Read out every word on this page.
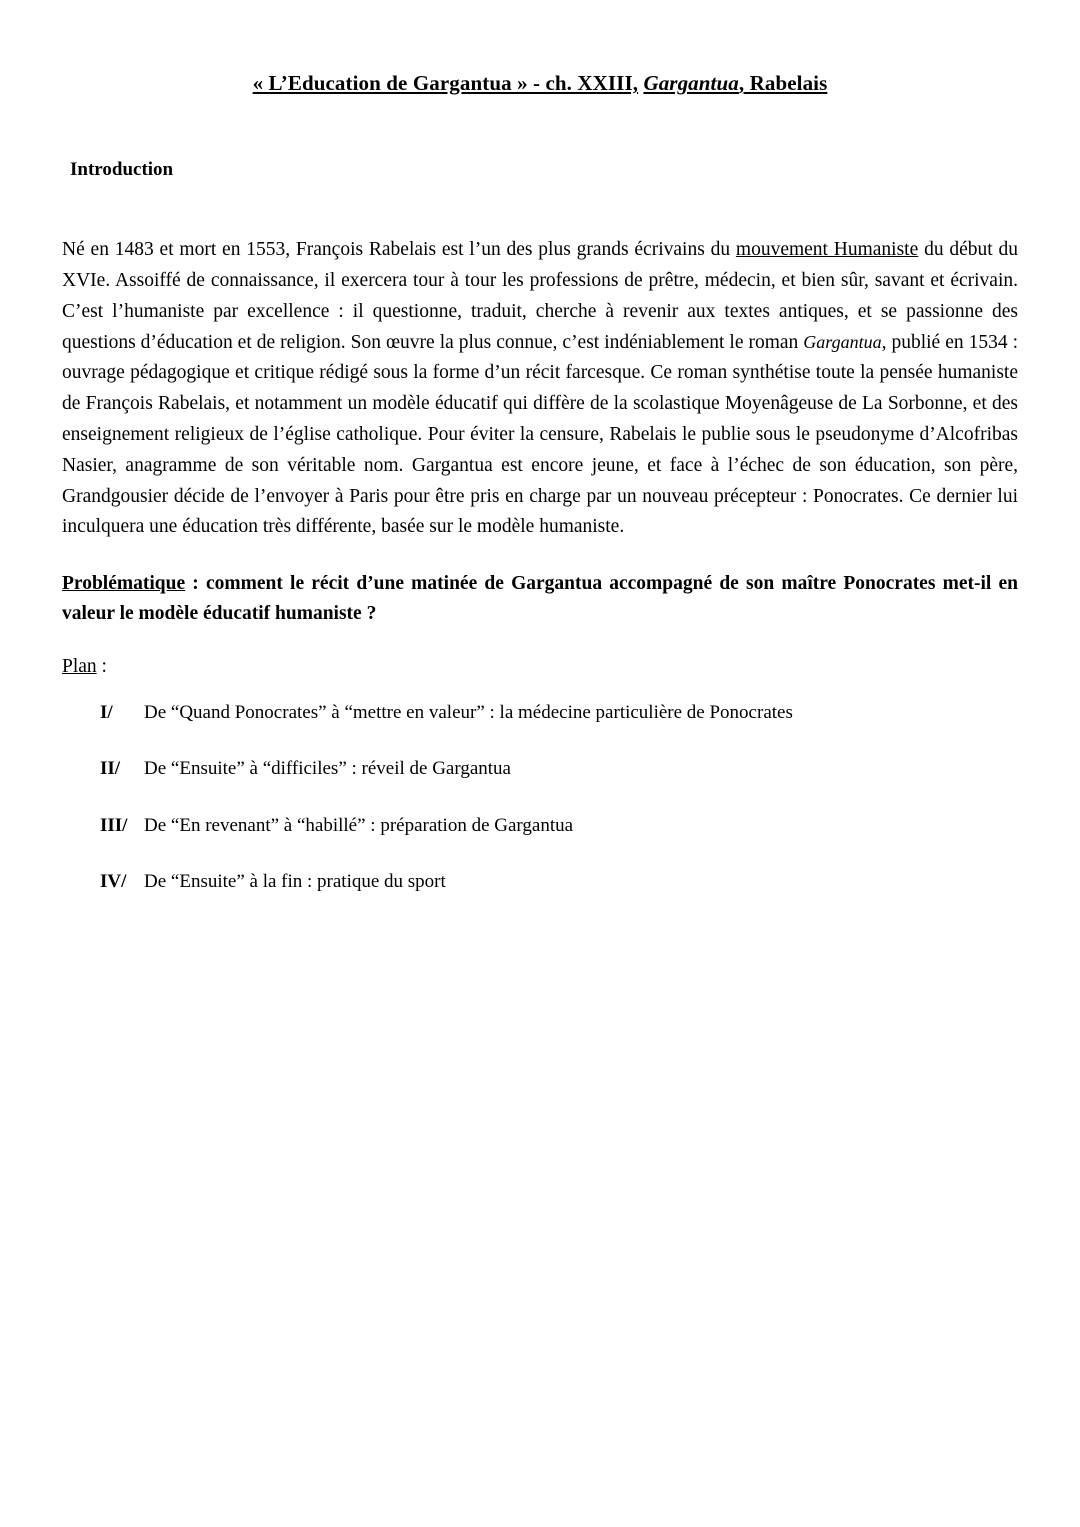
« L’Education de Gargantua » - ch. XXIII, Gargantua, Rabelais
Introduction

Né en 1483 et mort en 1553, François Rabelais est l’un des plus grands écrivains du mouvement Humaniste du début du XVIe. Assoiffé de connaissance, il exercera tour à tour les professions de prêtre, médecin, et bien sûr, savant et écrivain. C’est l’humaniste par excellence : il questionne, traduit, cherche à revenir aux textes antiques, et se passionne des questions d’éducation et de religion. Son œuvre la plus connue, c’est indéniablement le roman Gargantua, publié en 1534 : ouvrage pédagogique et critique rédigé sous la forme d’un récit farcesque. Ce roman synthétise toute la pensée humaniste de François Rabelais, et notamment un modèle éducatif qui diffère de la scolastique Moyenâgeuse de La Sorbonne, et des enseignement religieux de l’église catholique. Pour éviter la censure, Rabelais le publie sous le pseudonyme d’Alcofribas Nasier, anagramme de son véritable nom. Gargantua est encore jeune, et face à l’échec de son éducation, son père, Grandgousier décide de l’envoyer à Paris pour être pris en charge par un nouveau précepteur : Ponocrates. Ce dernier lui inculquera une éducation très différente, basée sur le modèle humaniste.

Problématique : comment le récit d’une matinée de Gargantua accompagné de son maître Ponocrates met-il en valeur le modèle éducatif humaniste ?

Plan :

I/ De “Quand Ponocrates” à “mettre en valeur” : la médecine particulière de Ponocrates
II/ De “Ensuite” à “difficiles” : réveil de Gargantua
III/ De “En revenant” à “habillé” : préparation de Gargantua
IV/ De “Ensuite” à la fin : pratique du sport
